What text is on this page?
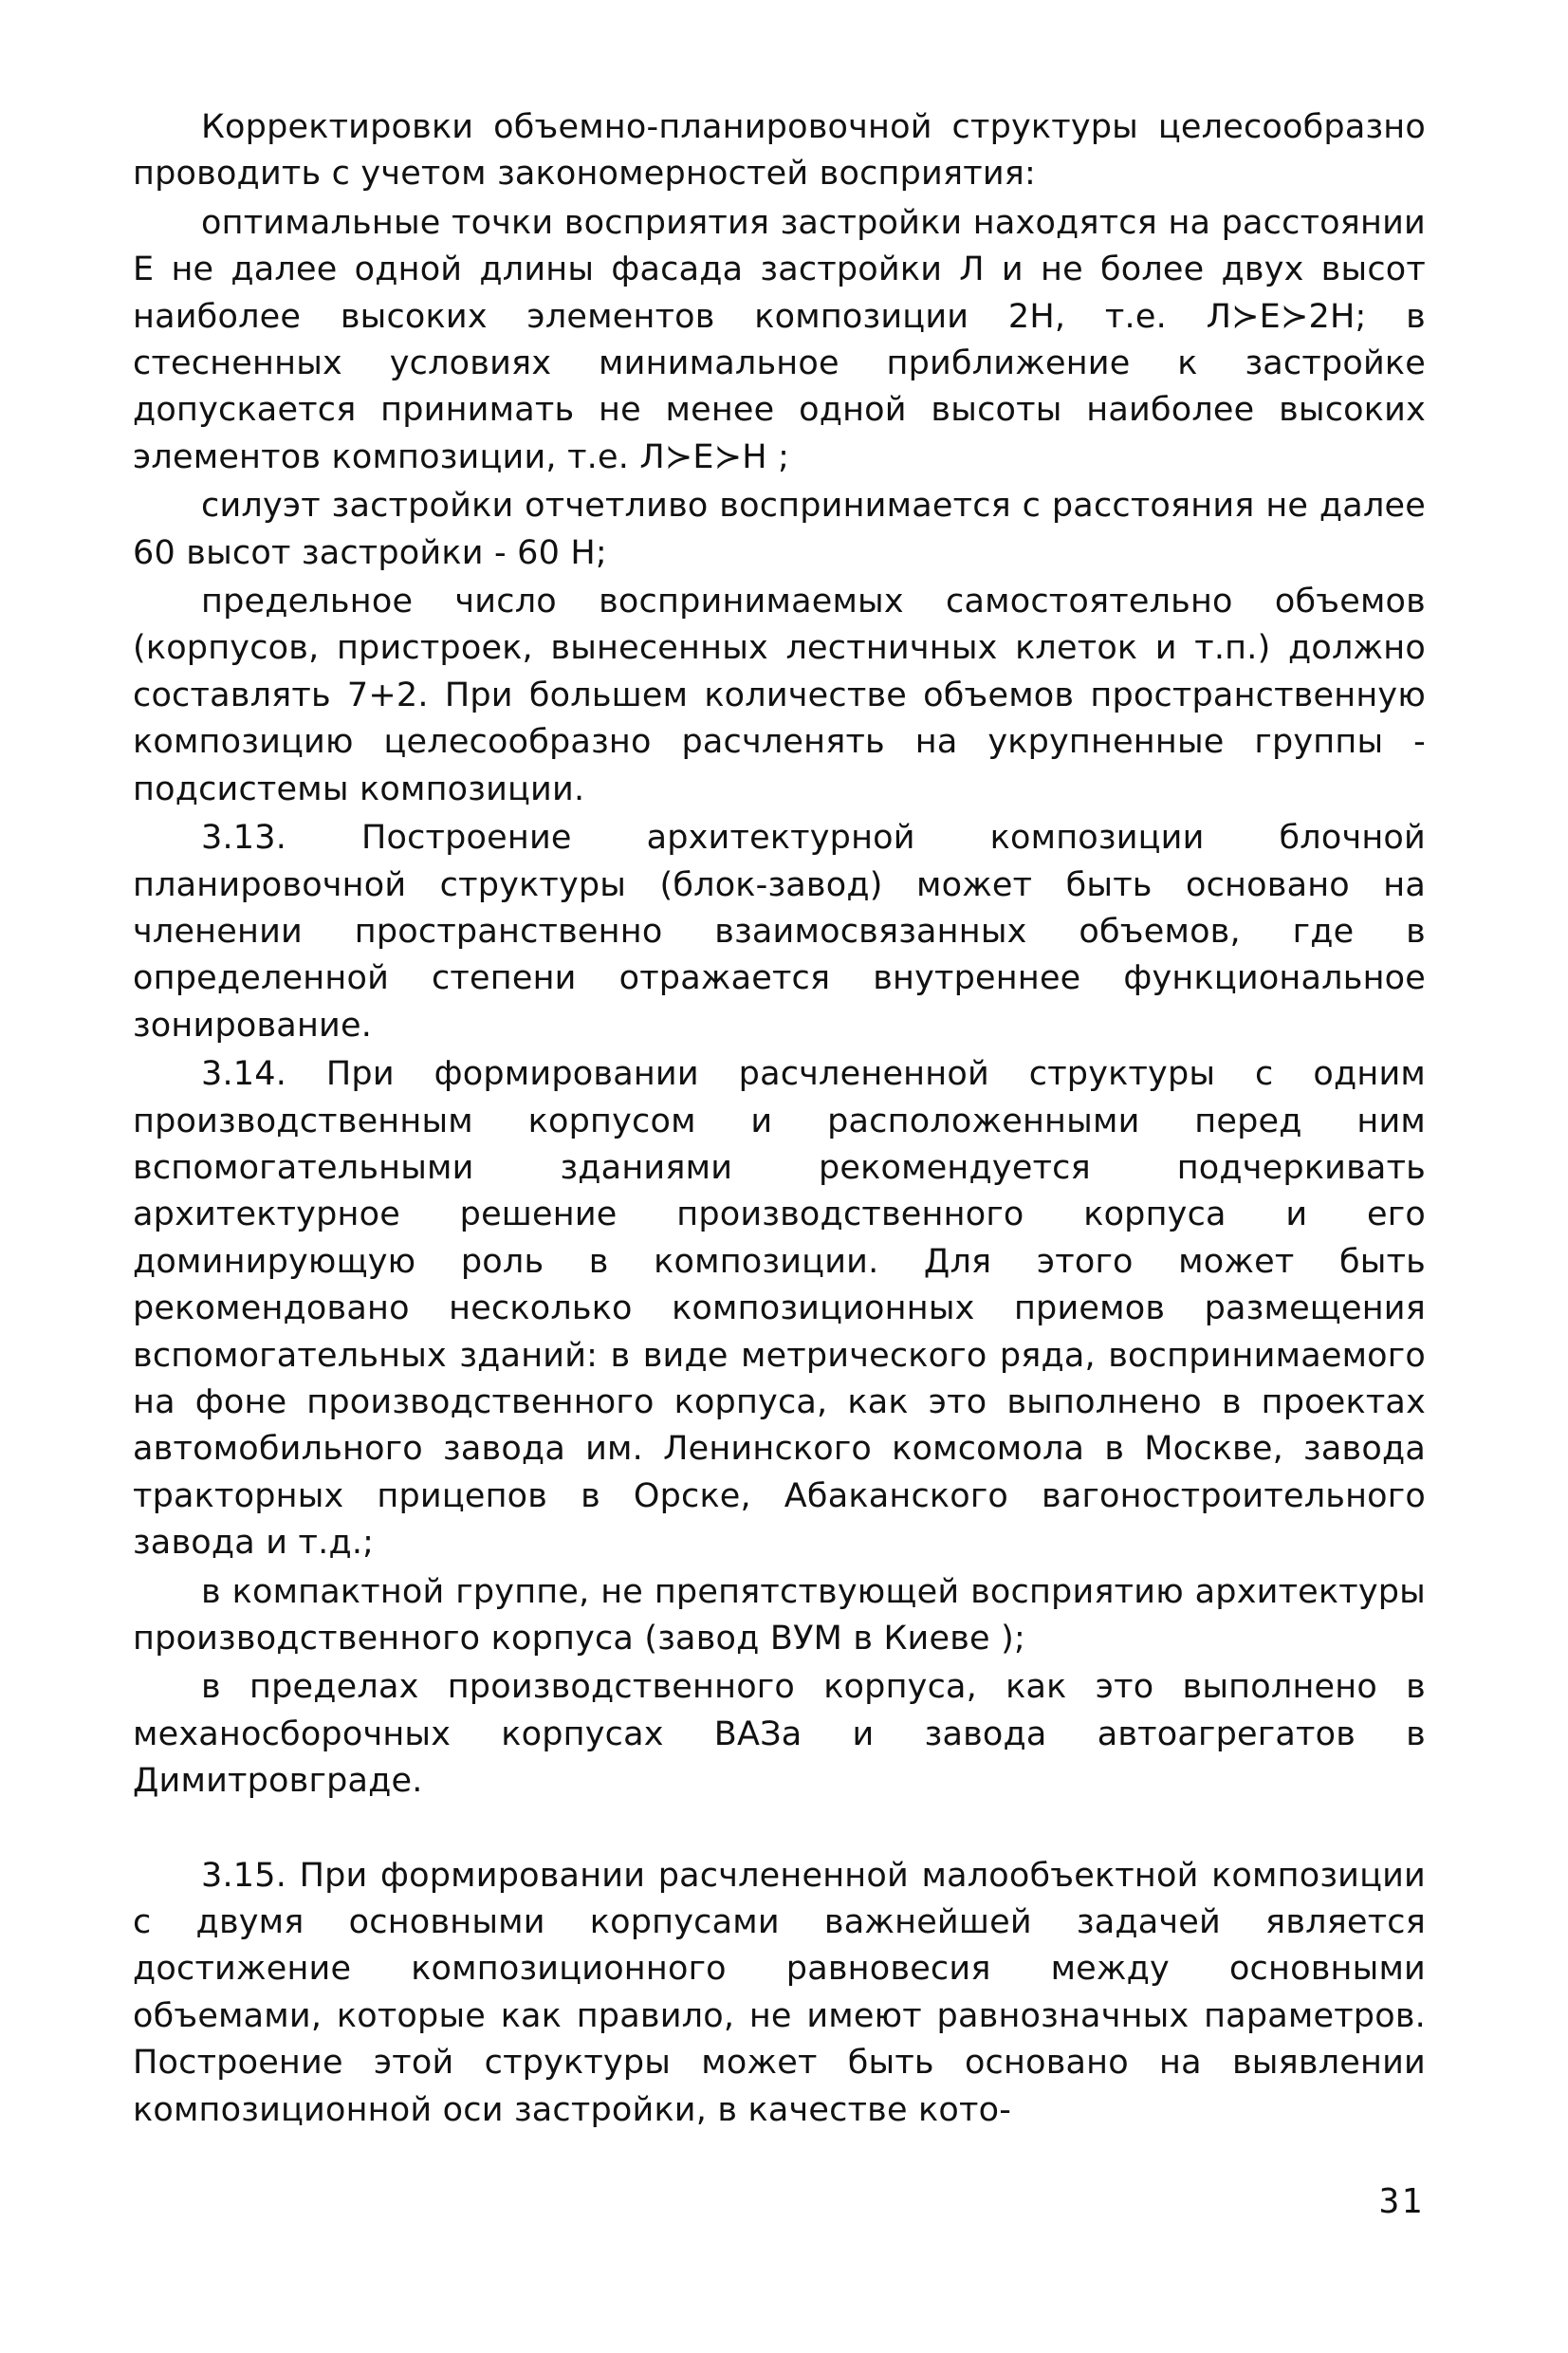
Корректировки объемно-планировочной структуры целесообразно проводить с учетом закономерностей восприятия:

оптимальные точки восприятия застройки находятся на расстоянии Е не далее одной длины фасада застройки Л и не более двух высот наиболее высоких элементов композиции 2Н, т.е. Л≻Е≻2Н; в стесненных условиях минимальное приближение к застройке допускается принимать не менее одной высоты наиболее высоких элементов композиции, т.е. Л≻Е≻Н ;

силуэт застройки отчетливо воспринимается с расстояния не далее 60 высот застройки - 60 Н;

предельное число воспринимаемых самостоятельно объемов (корпусов, пристроек, вынесенных лестничных клеток и т.п.) должно составлять 7+2. При большем количестве объемов пространственную композицию целесообразно расчленять на укрупненные группы - подсистемы композиции.

3.13. Построение архитектурной композиции блочной планировочной структуры (блок-завод) может быть основано на членении пространственно взаимосвязанных объемов, где в определенной степени отражается внутреннее функциональное зонирование.

3.14. При формировании расчлененной структуры с одним производственным корпусом и расположенными перед ним вспомогательными зданиями рекомендуется подчеркивать архитектурное решение производственного корпуса и его доминирующую роль в композиции. Для этого может быть рекомендовано несколько композиционных приемов размещения вспомогательных зданий: в виде метрического ряда, воспринимаемого на фоне производственного корпуса, как это выполнено в проектах автомобильного завода им. Ленинского комсомола в Москве, завода тракторных прицепов в Орске, Абаканского вагоностроительного завода и т.д.;

в компактной группе, не препятствующей восприятию архитектуры производственного корпуса (завод ВУМ в Киеве );

в пределах производственного корпуса, как это выполнено в механосборочных корпусах ВАЗа и завода автоагрегатов в Димитровграде.

3.15. При формировании расчлененной малообъектной композиции с двумя основными корпусами важнейшей задачей является достижение композиционного равновесия между основными объемами, которые как правило, не имеют равнозначных параметров. Построение этой структуры может быть основано на выявлении композиционной оси застройки, в качестве кото-

31
